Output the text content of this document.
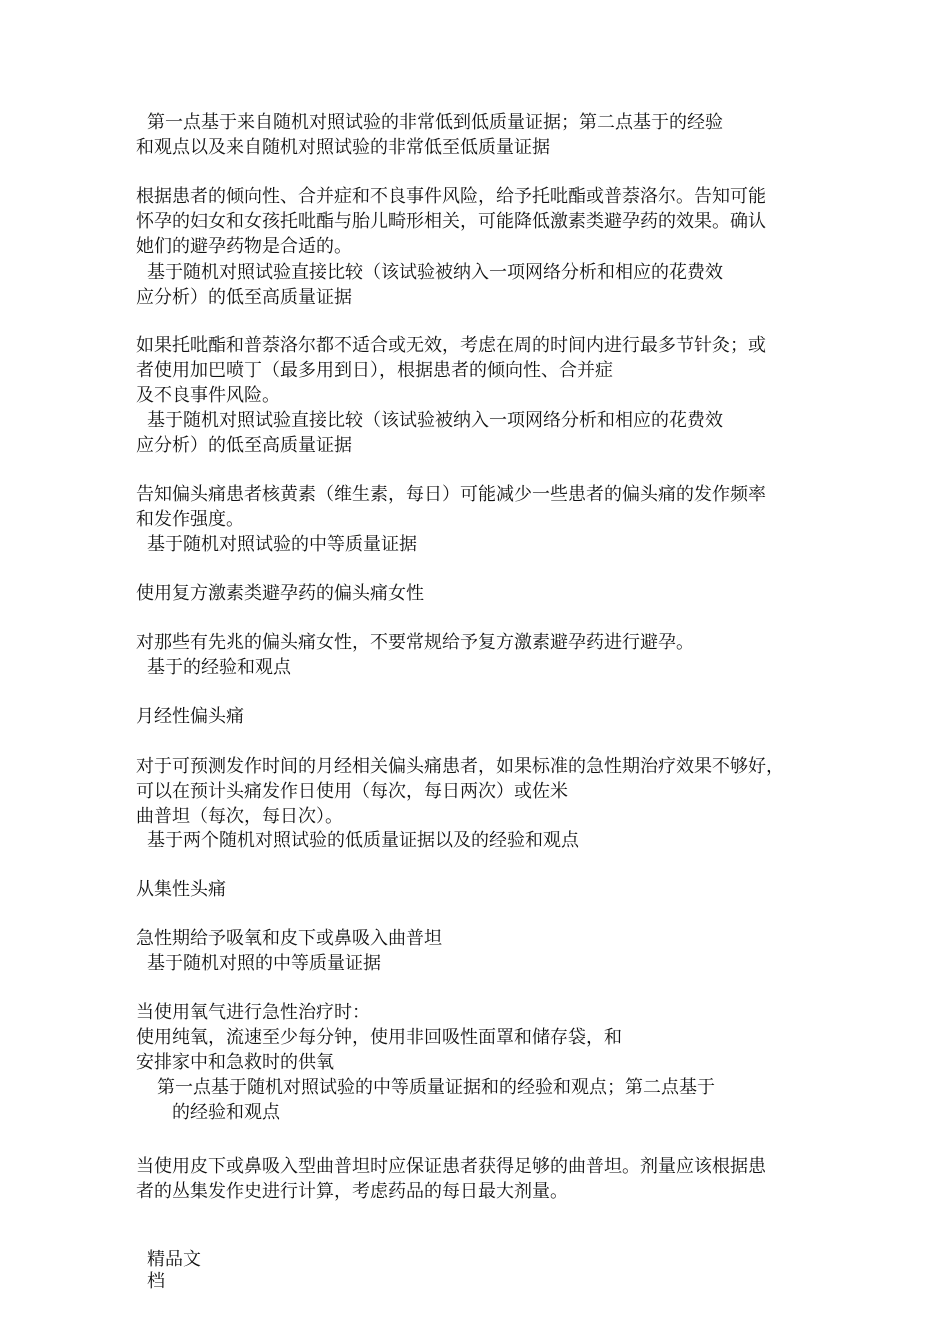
第一点基于来自随机对照试验的非常低到低质量证据；第二点基于的经验
和观点以及来自随机对照试验的非常低至低质量证据
根据患者的倾向性、合并症和不良事件风险，给予托吡酯或普萘洛尔。告知可能
怀孕的妇女和女孩托吡酯与胎儿畸形相关，可能降低激素类避孕药的效果。确认
她们的避孕药物是合适的。
基于随机对照试验直接比较（该试验被纳入一项网络分析和相应的花费效
应分析）的低至高质量证据
如果托吡酯和普萘洛尔都不适合或无效，考虑在周的时间内进行最多节针灸；或
者使用加巴喷丁（最多用到日），根据患者的倾向性、合并症
及不良事件风险。
基于随机对照试验直接比较（该试验被纳入一项网络分析和相应的花费效
应分析）的低至高质量证据
告知偏头痛患者核黄素（维生素，每日）可能减少一些患者的偏头痛的发作频率
和发作强度。
基于随机对照试验的中等质量证据
使用复方激素类避孕药的偏头痛女性
对那些有先兆的偏头痛女性，不要常规给予复方激素避孕药进行避孕。
基于的经验和观点
月经性偏头痛
对于可预测发作时间的月经相关偏头痛患者，如果标准的急性期治疗效果不够好，
可以在预计头痛发作日使用（每次，每日两次）或佐米
曲普坦（每次，每日次）。
基于两个随机对照试验的低质量证据以及的经验和观点
从集性头痛
急性期给予吸氧和皮下或鼻吸入曲普坦
基于随机对照的中等质量证据
当使用氧气进行急性治疗时：
使用纯氧，流速至少每分钟，使用非回吸性面罩和储存袋，和
安排家中和急救时的供氧
第一点基于随机对照试验的中等质量证据和的经验和观点；第二点基于
的经验和观点
当使用皮下或鼻吸入型曲普坦时应保证患者获得足够的曲普坦。剂量应该根据患
者的丛集发作史进行计算，考虑药品的每日最大剂量。
精品文
档
